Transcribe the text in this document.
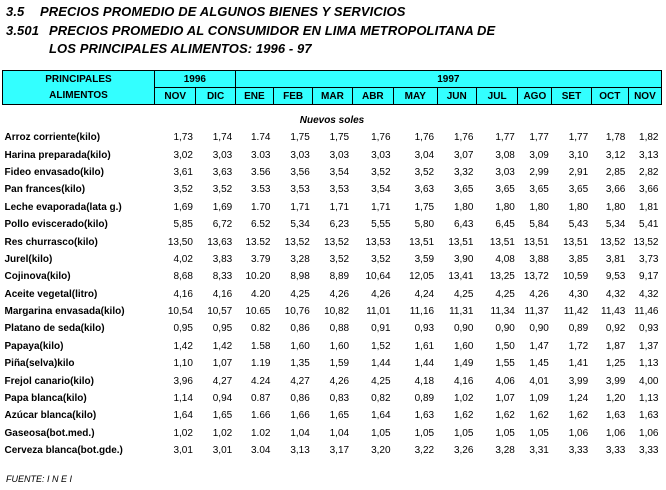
3.5 PRECIOS PROMEDIO DE ALGUNOS BIENES Y SERVICIOS
3.501 PRECIOS PROMEDIO AL CONSUMIDOR EN LIMA METROPOLITANA DE
LOS PRINCIPALES ALIMENTOS: 1996 - 97
PRINCIPALES	1996		1997										
ALIMENTOS	NOV	DIC	ENE	FEB	MAR	ABR	MAY	JUN	JUL	AGO	SET	OCT	NOV

Nuevos soles													
Arroz corriente(kilo)	1,73	1,74	1.74	1,75	1,75	1,76	1,76	1,76	1,77	1,77	1,77	1,78	1,82
Harina preparada(kilo)	3,02	3,03	3.03	3,03	3,03	3,03	3,04	3,07	3,08	3,09	3,10	3,12	3,13
Fideo envasado(kilo)	3,61	3,63	3.56	3,56	3,54	3,52	3,52	3,32	3,03	2,99	2,91	2,85	2,82
Pan frances(kilo)	3,52	3,52	3.53	3,53	3,53	3,54	3,63	3,65	3,65	3,65	3,65	3,66	3,66
Leche evaporada(lata g.)	1,69	1,69	1.70	1,71	1,71	1,71	1,75	1,80	1,80	1,80	1,80	1,80	1,81
Pollo eviscerado(kilo)	5,85	6,72	6.52	5,34	6,23	5,55	5,80	6,43	6,45	5,84	5,43	5,34	5,41
Res churrasco(kilo)	13,50	13,63	13.52	13,52	13,52	13,53	13,51	13,51	13,51	13,51	13,51	13,52	13,52
Jurel(kilo)	4,02	3,83	3.79	3,28	3,52	3,52	3,59	3,90	4,08	3,88	3,85	3,81	3,73
Cojinova(kilo)	8,68	8,33	10.20	8,98	8,89	10,64	12,05	13,41	13,25	13,72	10,59	9,53	9,17
Aceite vegetal(litro)	4,16	4,16	4.20	4,25	4,26	4,26	4,24	4,25	4,25	4,26	4,30	4,32	4,32
Margarina envasada(kilo)	10,54	10,57	10.65	10,76	10,82	11,01	11,16	11,31	11,34	11,37	11,42	11,43	11,46
Platano de seda(kilo)	0,95	0,95	0.82	0,86	0,88	0,91	0,93	0,90	0,90	0,90	0,89	0,92	0,93
Papaya(kilo)	1,42	1,42	1.58	1,60	1,60	1,52	1,61	1,60	1,50	1,47	1,72	1,87	1,37
Piña(selva)kilo	1,10	1,07	1.19	1,35	1,59	1,44	1,44	1,49	1,55	1,45	1,41	1,25	1,13
Frejol canario(kilo)	3,96	4,27	4.24	4,27	4,26	4,25	4,18	4,16	4,06	4,01	3,99	3,99	4,00
Papa blanca(kilo)	1,14	0,94	0.87	0,86	0,83	0,82	0,89	1,02	1,07	1,09	1,24	1,20	1,13
Azúcar blanca(kilo)	1,64	1,65	1.66	1,66	1,65	1,64	1,63	1,62	1,62	1,62	1,62	1,63	1,63
Gaseosa(bot.med.)	1,02	1,02	1.02	1,04	1,04	1,05	1,05	1,05	1,05	1,05	1,06	1,06	1,06
Cerveza blanca(bot.gde.)	3,01	3,01	3.04	3,13	3,17	3,20	3,22	3,26	3,28	3,31	3,33	3,33	3,33
FUENTE: I N E I
